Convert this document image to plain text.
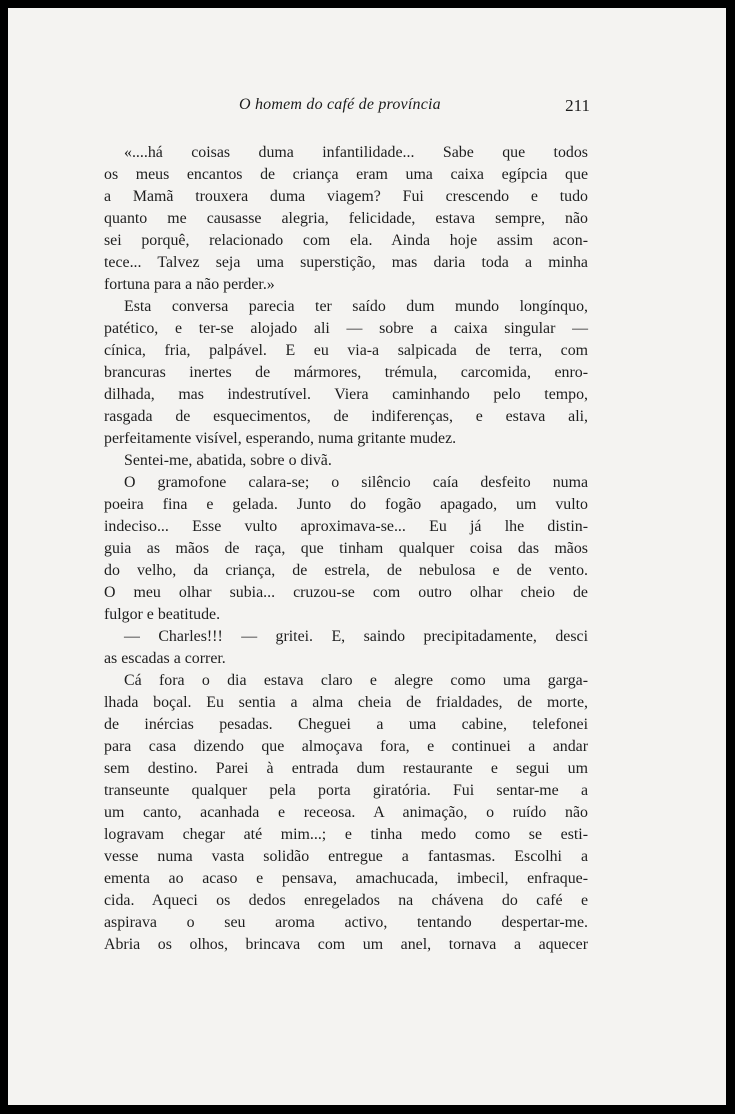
O homem do café de província	211
«....há coisas duma infantilidade... Sabe que todos
os meus encantos de criança eram uma caixa egípcia que
a Mamã trouxera duma viagem? Fui crescendo e tudo
quanto me causasse alegria, felicidade, estava sempre, não
sei porquê, relacionado com ela. Ainda hoje assim acon-
tece... Talvez seja uma superstição, mas daria toda a minha
fortuna para a não perder.»
Esta conversa parecia ter saído dum mundo longínquo,
patético, e ter-se alojado ali — sobre a caixa singular —
cínica, fria, palpável. E eu via-a salpicada de terra, com
brancuras inertes de mármores, trémula, carcomida, enro-
dilhada, mas indestrutível. Viera caminhando pelo tempo,
rasgada de esquecimentos, de indiferenças, e estava ali,
perfeitamente visível, esperando, numa gritante mudez.
Sentei-me, abatida, sobre o divã.
O gramofone calara-se; o silêncio caía desfeito numa
poeira fina e gelada. Junto do fogão apagado, um vulto
indeciso... Esse vulto aproximava-se... Eu já lhe distin-
guia as mãos de raça, que tinham qualquer coisa das mãos
do velho, da criança, de estrela, de nebulosa e de vento.
O meu olhar subia... cruzou-se com outro olhar cheio de
fulgor e beatitude.
— Charles!!! — gritei. E, saindo precipitadamente, desci
as escadas a correr.
Cá fora o dia estava claro e alegre como uma garga-
lhada boçal. Eu sentia a alma cheia de frialdades, de morte,
de inércias pesadas. Cheguei a uma cabine, telefonei
para casa dizendo que almoçava fora, e continuei a andar
sem destino. Parei à entrada dum restaurante e segui um
transeunte qualquer pela porta giratória. Fui sentar-me a
um canto, acanhada e receosa. A animação, o ruído não
logravam chegar até mim...; e tinha medo como se esti-
vesse numa vasta solidão entregue a fantasmas. Escolhi a
ementa ao acaso e pensava, amachucada, imbecil, enfraque-
cida. Aqueci os dedos enregelados na chávena do café e
aspirava o seu aroma activo, tentando despertar-me.
Abria os olhos, brincava com um anel, tornava a aquecer
